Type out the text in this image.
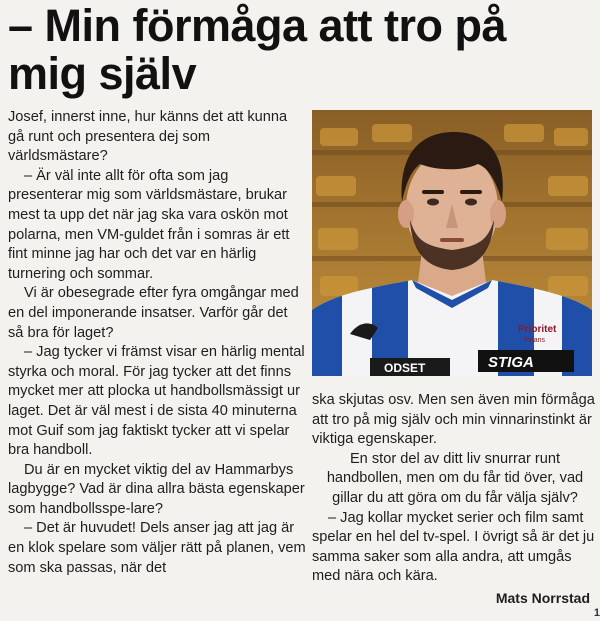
– Min förmåga att tro på
mig själv

Josef, innerst inne, hur känns det att kunna gå runt och presentera dej som världsmästare?

– Är väl inte allt för ofta som jag presenterar mig som världsmästare, brukar mest ta upp det när jag ska vara oskön mot polarna, men VM-guldet från i somras är ett fint minne jag har och det var en härlig turnering och sommar.

Vi är obesegrade efter fyra omgångar med en del imponerande insatser. Varför går det så bra för laget?

– Jag tycker vi främst visar en härlig mental styrka och moral. För jag tycker att det finns mycket mer att plocka ut handbollsmässigt ur laget. Det är väl mest i de sista 40 minuterna mot Guif som jag faktiskt tycker att vi spelar bra handboll.

Du är en mycket viktig del av Hammarbys lagbygge? Vad är dina allra bästa egenskaper som handbollsspe-lare?

– Det är huvudet! Dels anser jag att jag är en klok spelare som väljer rätt på planen, vem som ska passas, när det

Prioritet
Finans
ODSET	STIGA

ska skjutas osv. Men sen även min förmåga att tro på mig själv och min vinnarinstinkt är viktiga egenskaper.

En stor del av ditt liv snurrar runt handbollen, men om du får tid över, vad gillar du att göra om du får välja själv?

– Jag kollar mycket serier och film samt spelar en hel del tv-spel. I övrigt så är det ju samma saker som alla andra, att umgås med nära och kära.

Mats Norrstad

1
